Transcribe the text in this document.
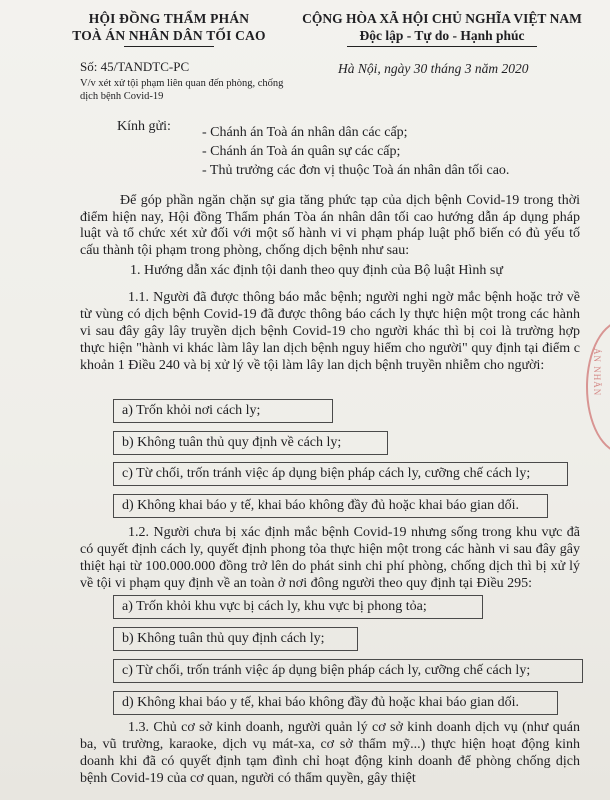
HỘI ĐỒNG THẨM PHÁN
TOÀ ÁN NHÂN DÂN TỐI CAO
CỘNG HÒA XÃ HỘI CHỦ NGHĨA VIỆT NAM
Độc lập - Tự do - Hạnh phúc
Số: 45/TANDTC-PC
V/v xét xử tội phạm liên quan đến phòng, chống dịch bệnh Covid-19
Hà Nội, ngày 30 tháng 3 năm 2020
Kính gửi: - Chánh án Toà án nhân dân các cấp;
- Chánh án Toà án quân sự các cấp;
- Thủ trưởng các đơn vị thuộc Toà án nhân dân tối cao.
Để góp phần ngăn chặn sự gia tăng phức tạp của dịch bệnh Covid-19 trong thời điểm hiện nay, Hội đồng Thẩm phán Tòa án nhân dân tối cao hướng dẫn áp dụng pháp luật và tổ chức xét xử đối với một số hành vi vi phạm pháp luật phổ biến có đủ yếu tố cấu thành tội phạm trong phòng, chống dịch bệnh như sau:
1. Hướng dẫn xác định tội danh theo quy định của Bộ luật Hình sự
1.1. Người đã được thông báo mắc bệnh; người nghi ngờ mắc bệnh hoặc trở về từ vùng có dịch bệnh Covid-19 đã được thông báo cách ly thực hiện một trong các hành vi sau đây gây lây truyền dịch bệnh Covid-19 cho người khác thì bị coi là trường hợp thực hiện "hành vi khác làm lây lan dịch bệnh nguy hiểm cho người" quy định tại điểm c khoản 1 Điều 240 và bị xử lý về tội làm lây lan dịch bệnh truyền nhiễm cho người:
a) Trốn khỏi nơi cách ly;
b) Không tuân thủ quy định về cách ly;
c) Từ chối, trốn tránh việc áp dụng biện pháp cách ly, cưỡng chế cách ly;
d) Không khai báo y tế, khai báo không đầy đủ hoặc khai báo gian dối.
1.2. Người chưa bị xác định mắc bệnh Covid-19 nhưng sống trong khu vực đã có quyết định cách ly, quyết định phong tỏa thực hiện một trong các hành vi sau đây gây thiệt hại từ 100.000.000 đồng trở lên do phát sinh chi phí phòng, chống dịch thì bị xử lý về tội vi phạm quy định về an toàn ở nơi đông người theo quy định tại Điều 295:
a) Trốn khỏi khu vực bị cách ly, khu vực bị phong tỏa;
b) Không tuân thủ quy định cách ly;
c) Từ chối, trốn tránh việc áp dụng biện pháp cách ly, cưỡng chế cách ly;
d) Không khai báo y tế, khai báo không đầy đủ hoặc khai báo gian dối.
1.3. Chủ cơ sở kinh doanh, người quản lý cơ sở kinh doanh dịch vụ (như quán ba, vũ trường, karaoke, dịch vụ mát-xa, cơ sở thẩm mỹ...) thực hiện hoạt động kinh doanh khi đã có quyết định tạm đình chỉ hoạt động kinh doanh để phòng chống dịch bệnh Covid-19 của cơ quan, người có thẩm quyền, gây thiệt
ÁN NHÂN
